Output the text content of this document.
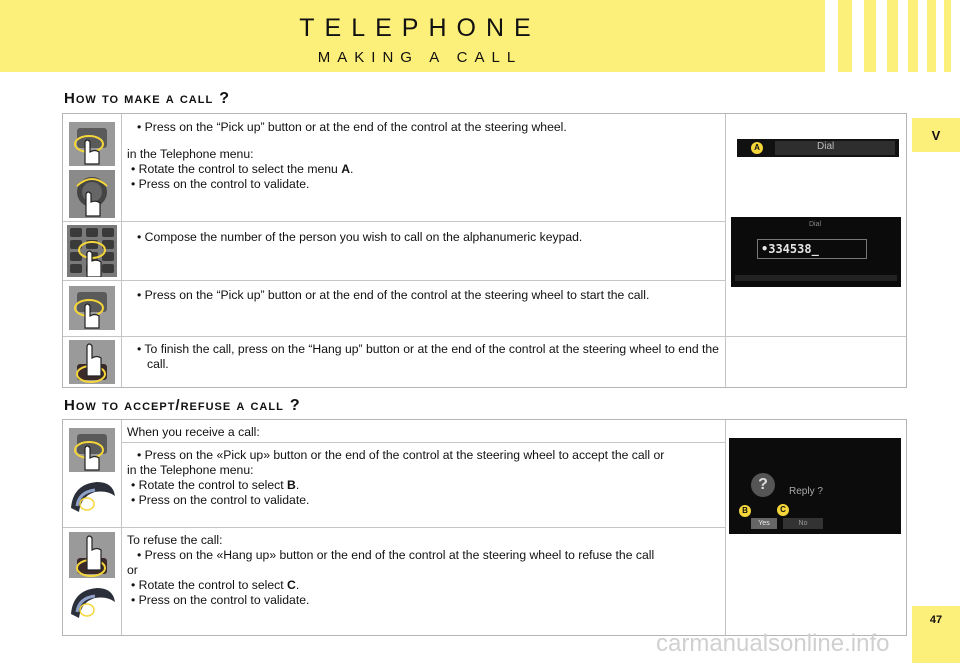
TELEPHONE
MAKING A CALL
V
47
How to make a call ?

• Press on the “Pick up” button or at the end of the control at the steering wheel.

in the Telephone menu:

• Rotate the control to select the menu A.

• Press on the control to validate.

• Compose the number of the person you wish to call on the alphanumeric keypad.

• Press on the “Pick up” button or at the end of the control at the steering wheel to start the call.

• To finish the call, press on the “Hang up” button or at the end of the control at the steering wheel to end the call.

A	Dial
Dial
•334538_
How to accept/refuse a call ?
When you receive a call:

• Press on the «Pick up» button or the end of the control at the steering wheel to accept the call or

in the Telephone menu:

• Rotate the control to select B.

• Press on the control to validate.

To refuse the call:

• Press on the «Hang up» button or the end of the control at the steering wheel to refuse the call

or

• Rotate the control to select C.

• Press on the control to validate.

?	Reply ?
Yes	No
B	C
carmanualsonline.info
